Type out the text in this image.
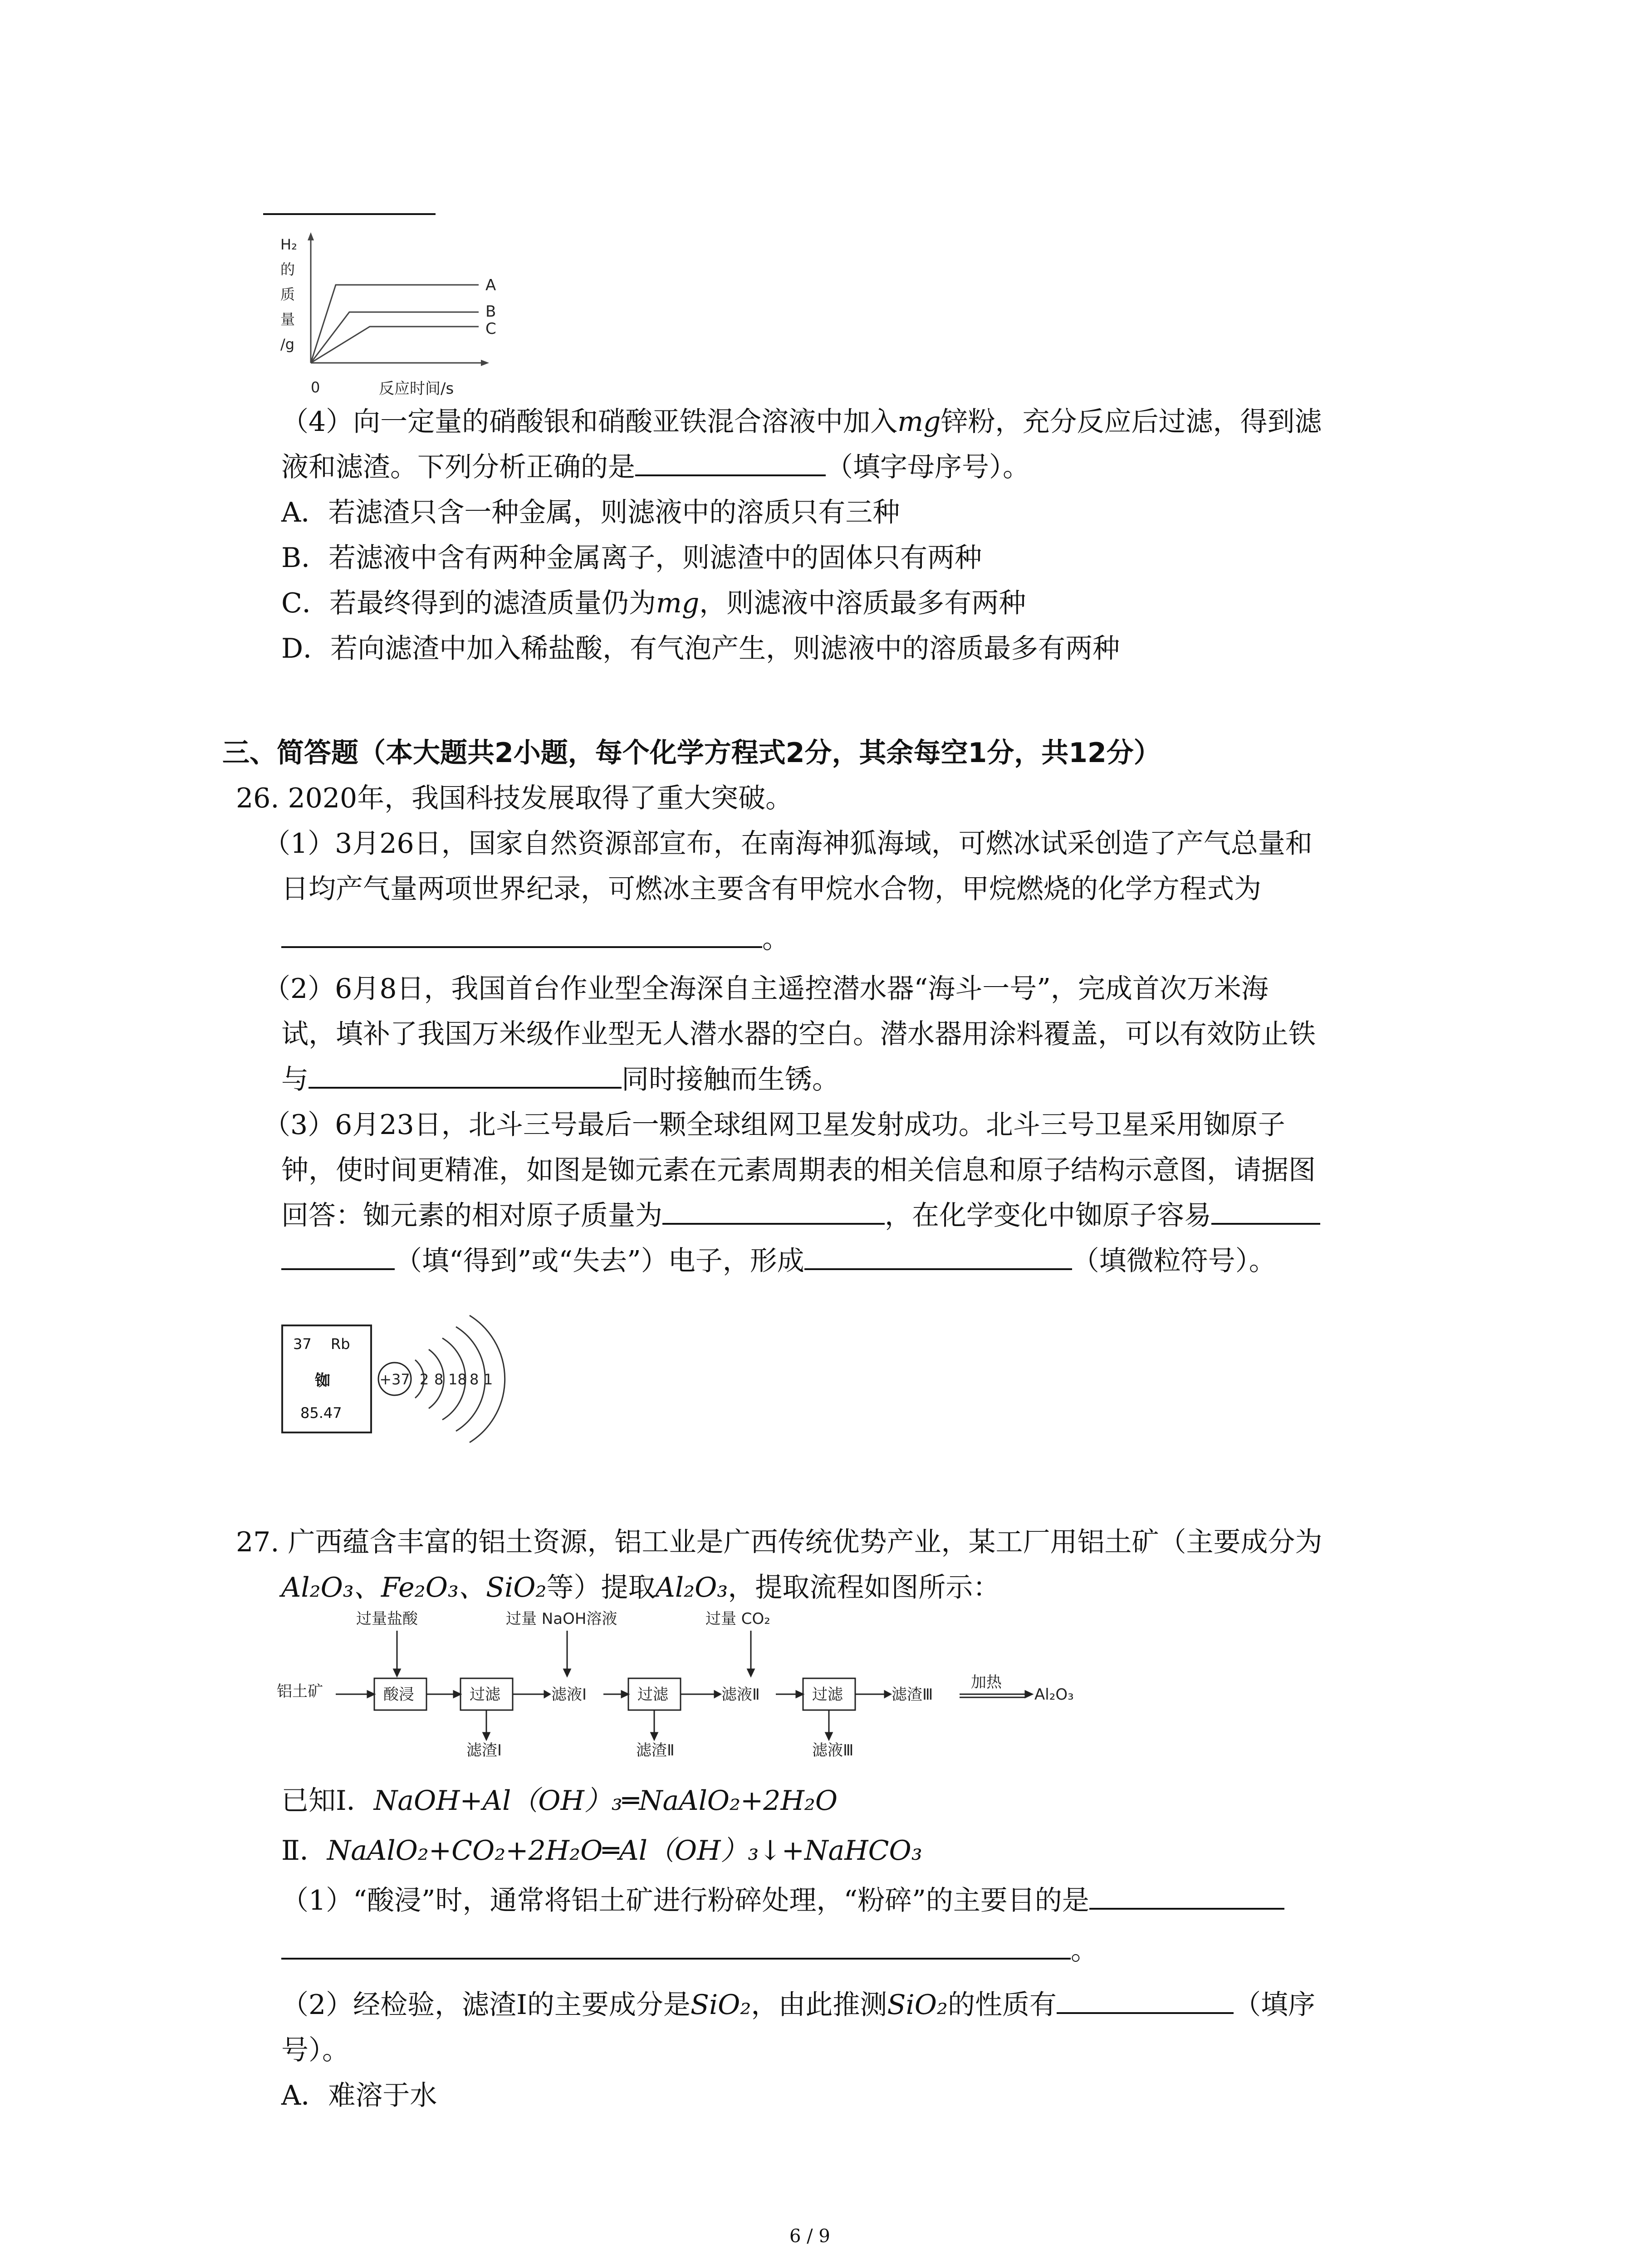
H₂
的
质
量
/g
A
B
C
0	反应时间/s
（4）向一定量的硝酸银和硝酸亚铁混合溶液中加入mg锌粉，充分反应后过滤，得到滤
液和滤渣。下列分析正确的是	（填字母序号）。
A．若滤渣只含一种金属，则滤液中的溶质只有三种
B．若滤液中含有两种金属离子，则滤渣中的固体只有两种
C．若最终得到的滤渣质量仍为mg，则滤液中溶质最多有两种
D．若向滤渣中加入稀盐酸，有气泡产生，则滤液中的溶质最多有两种
三、简答题（本大题共2小题，每个化学方程式2分，其余每空1分，共12分）
26. 2020年，我国科技发展取得了重大突破。
（1）3月26日，国家自然资源部宣布，在南海神狐海域，可燃冰试采创造了产气总量和
日均产气量两项世界纪录，可燃冰主要含有甲烷水合物，甲烷燃烧的化学方程式为
。
（2）6月8日，我国首台作业型全海深自主遥控潜水器“海斗一号”，完成首次万米海
试，填补了我国万米级作业型无人潜水器的空白。潜水器用涂料覆盖，可以有效防止铁
与	同时接触而生锈。
（3）6月23日，北斗三号最后一颗全球组网卫星发射成功。北斗三号卫星采用铷原子
钟，使时间更精准，如图是铷元素在元素周期表的相关信息和原子结构示意图，请据图
回答：铷元素的相对原子质量为	，在化学变化中铷原子容易
（填“得到”或“失去”）电子，形成	（填微粒符号）。
37 Rb
铷
85.47
+37 2 8 18 8 1
27. 广西蕴含丰富的铝土资源，铝工业是广西传统优势产业，某工厂用铝土矿（主要成分为
Al₂O₃、Fe₂O₃、SiO₂等）提取Al₂O₃，提取流程如图所示：
铝土矿
过量盐酸	过量 NaOH溶液	过量 CO₂
酸浸	过滤	过滤	过滤
滤液Ⅰ	滤液Ⅱ	滤渣Ⅲ
滤渣Ⅰ	滤渣Ⅱ	滤液Ⅲ
加热
Al₂O₃
已知Ⅰ．NaOH+Al（OH）₃═NaAlO₂+2H₂O
Ⅱ．NaAlO₂+CO₂+2H₂O═Al（OH）₃↓+NaHCO₃
（1）“酸浸”时，通常将铝土矿进行粉碎处理，“粉碎”的主要目的是
。
（2）经检验，滤渣Ⅰ的主要成分是SiO₂，由此推测SiO₂的性质有	（填序
号）。
A．难溶于水
6 / 9
